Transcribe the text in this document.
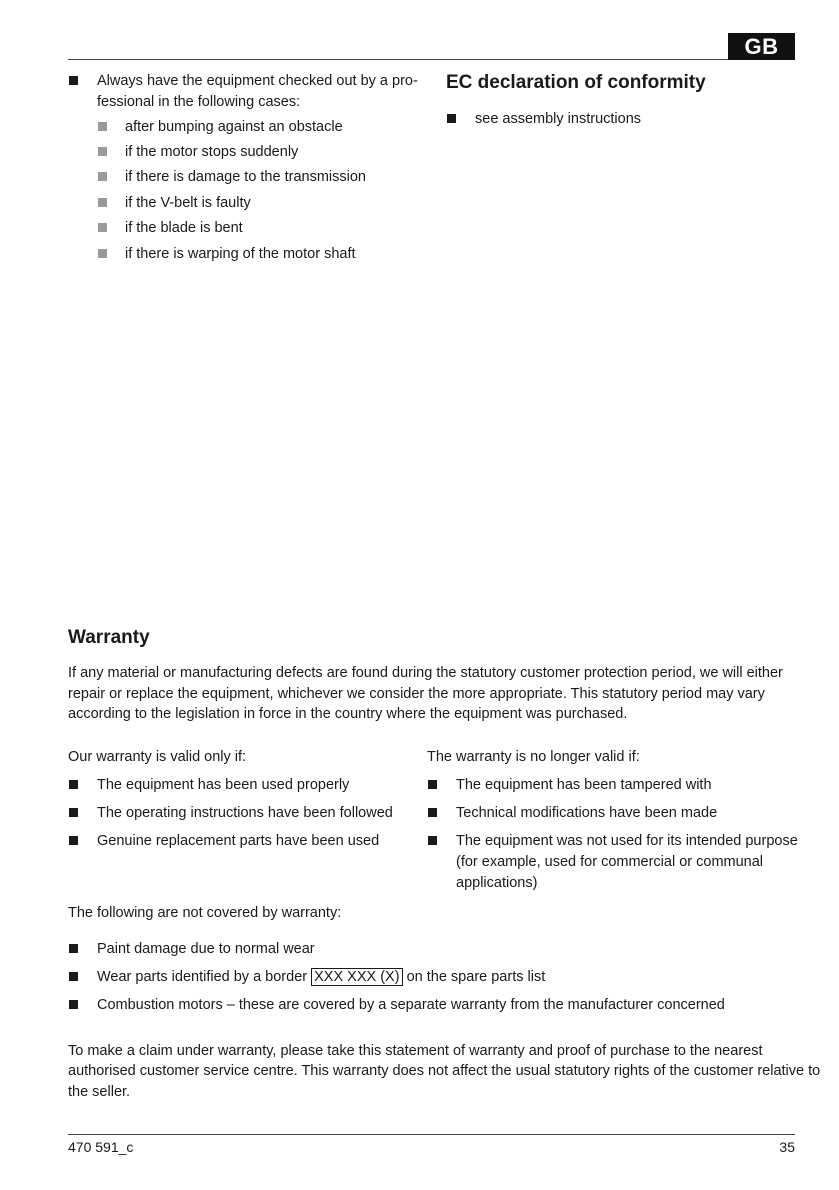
GB
Always have the equipment checked out by a pro-
fessional in the following cases:
after bumping against an obstacle
if the motor stops suddenly
if there is damage to the transmission
if the V-belt is faulty
if the blade is bent
if there is warping of the motor shaft
EC declaration of conformity
see assembly instructions
Warranty
If any material or manufacturing defects are found during the statutory customer protection period, we will either
repair or replace the equipment, whichever we consider the more appropriate. This statutory period may vary
according to the legislation in force in the country where the equipment was purchased.
Our warranty is valid only if:
The equipment has been used properly
The operating instructions have been followed
Genuine replacement parts have been used
The warranty is no longer valid if:
The equipment has been tampered with
Technical modifications have been made
The equipment was not used for its intended purpose
(for example, used for commercial or communal
applications)
The following are not covered by warranty:
Paint damage due to normal wear
Wear parts identified by a border XXX XXX (X) on the spare parts list
Combustion motors – these are covered by a separate warranty from the manufacturer concerned
To make a claim under warranty, please take this statement of warranty and proof of purchase to the nearest
authorised customer service centre. This warranty does not affect the usual statutory rights of the customer relative to
the seller.
470 591_c	35
